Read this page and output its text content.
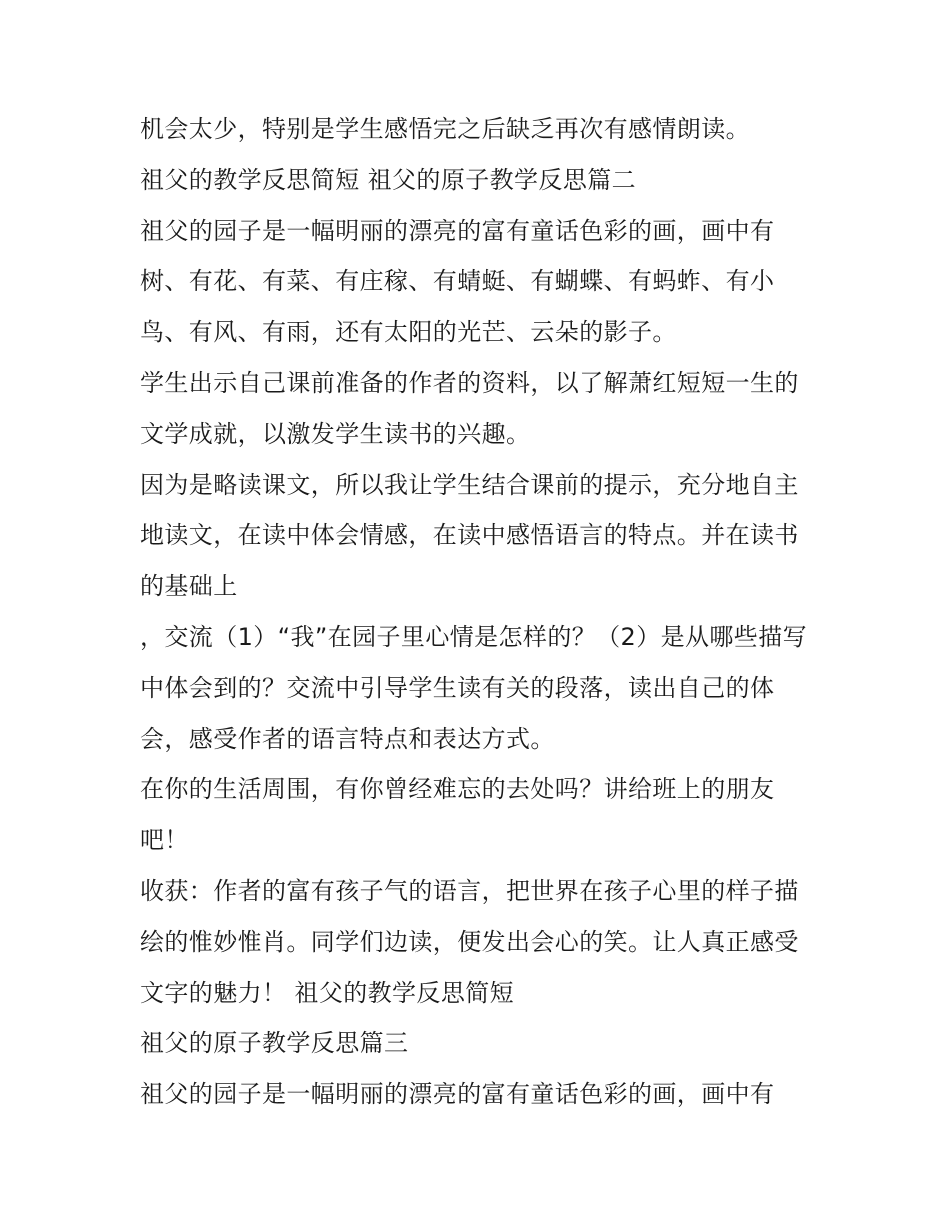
机会太少，特别是学生感悟完之后缺乏再次有感情朗读。
祖父的教学反思简短 祖父的原子教学反思篇二
祖父的园子是一幅明丽的漂亮的富有童话色彩的画，画中有
树、有花、有菜、有庄稼、有蜻蜓、有蝴蝶、有蚂蚱、有小
鸟、有风、有雨，还有太阳的光芒、云朵的影子。
学生出示自己课前准备的作者的资料，以了解萧红短短一生的
文学成就，以激发学生读书的兴趣。
因为是略读课文，所以我让学生结合课前的提示，充分地自主
地读文，在读中体会情感，在读中感悟语言的特点。并在读书
的基础上
，交流（1）“我”在园子里心情是怎样的？（2）是从哪些描写
中体会到的？交流中引导学生读有关的段落，读出自己的体
会，感受作者的语言特点和表达方式。
在你的生活周围，有你曾经难忘的去处吗？讲给班上的朋友
吧！
收获：作者的富有孩子气的语言，把世界在孩子心里的样子描
绘的惟妙惟肖。同学们边读，便发出会心的笑。让人真正感受
文字的魅力！ 祖父的教学反思简短
祖父的原子教学反思篇三
祖父的园子是一幅明丽的漂亮的富有童话色彩的画，画中有
